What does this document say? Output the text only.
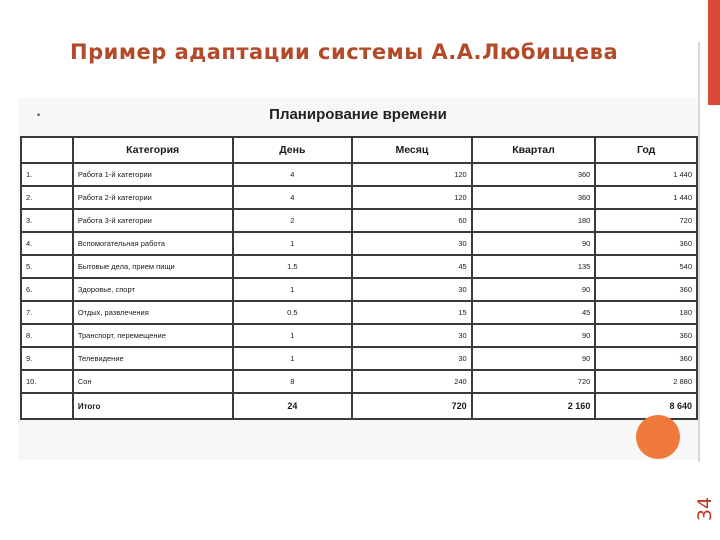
Пример адаптации системы А.А.Любищева
•	Планирование времени
	Категория	День	Месяц	Квартал	Год
1.	Работа 1-й категории	4	120	360	1 440
2.	Работа 2-й категории	4	120	360	1 440
3.	Работа 3-й категории	2	60	180	720
4.	Вспомогательная работа	1	30	90	360
5.	Бытовые дела, прием пищи	1.5	45	135	540
6.	Здоровье, спорт	1	30	90	360
7.	Отдых, развлечения	0.5	15	45	180
8.	Транспорт, перемещение	1	30	90	360
9.	Телевидение	1	30	90	360
10.	Сон	8	240	720	2 880
	Итого	24	720	2 160	8 640
34
